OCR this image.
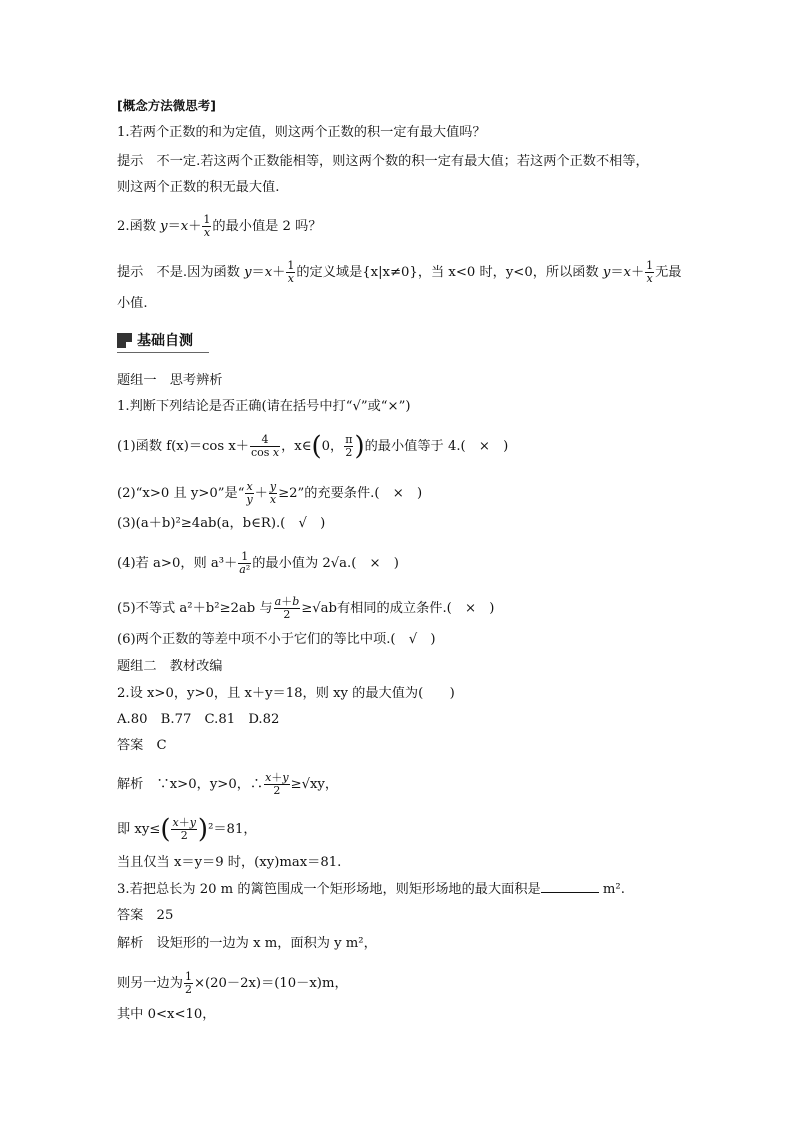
[概念方法微思考]
1.若两个正数的和为定值，则这两个正数的积一定有最大值吗？
提示　不一定.若这两个正数能相等，则这两个数的积一定有最大值；若这两个正数不相等，
则这两个正数的积无最大值.
2.函数 $y=x+ \frac{1}{x}$ 的最小值是 2 吗？
提示　不是.因为函数 $y=x+ \frac{1}{x}$ 的定义域是{x|x≠0}，当 x<0 时，y<0，所以函数 $y=x+ \frac{1}{x}$ 无最
小值.
基础自测
题组一　思考辨析
1.判断下列结论是否正确(请在括号中打“√”或“×”)
(1)函数 f(x)＝cos $x+ \frac{4}{\text{cos x}}$ ，x∈(0， $\frac{\pi}{2}$ )的最小值等于 4.(　×　)
(2)“x>0 且 y>0”是“ $\frac{x}{y} + \frac{y}{x} \ge 2$”的充要条件.(　×　)
(3)(a＋b)²≥4ab(a，b∈R).(　√　)
(4)若 a>0，则 $a^3+ \frac{1}{\text{a²}}$ 的最小值为 2√a.(　×　)
(5)不等式 a²＋b²≥2ab 与 $\frac{a+b}{2} \ge√ab$有相同的成立条件.(　×　)
(6)两个正数的等差中项不小于它们的等比中项.(　√　)
题组二　教材改编
2.设 x>0，y>0，且 x＋y＝18，则 xy 的最大值为(　　)
A.80　B.77　C.81　D.82
答案　C
解析　∵x>0，y>0，∴ $\frac{x+y}{2} \ge√xy$，
即 $xy\le( \frac{x+y}{2} )^2=81$，
当且仅当 x＝y＝9 时，(xy)max＝81.
3.若把总长为 20 m 的篱笆围成一个矩形场地，则矩形场地的最大面积是	m².
答案　25
解析　设矩形的一边为 x m，面积为 y m²，
则另一边为 $\frac{1}{2} \times(20-2x)=(10-x)m$，
其中 0<x<10，
